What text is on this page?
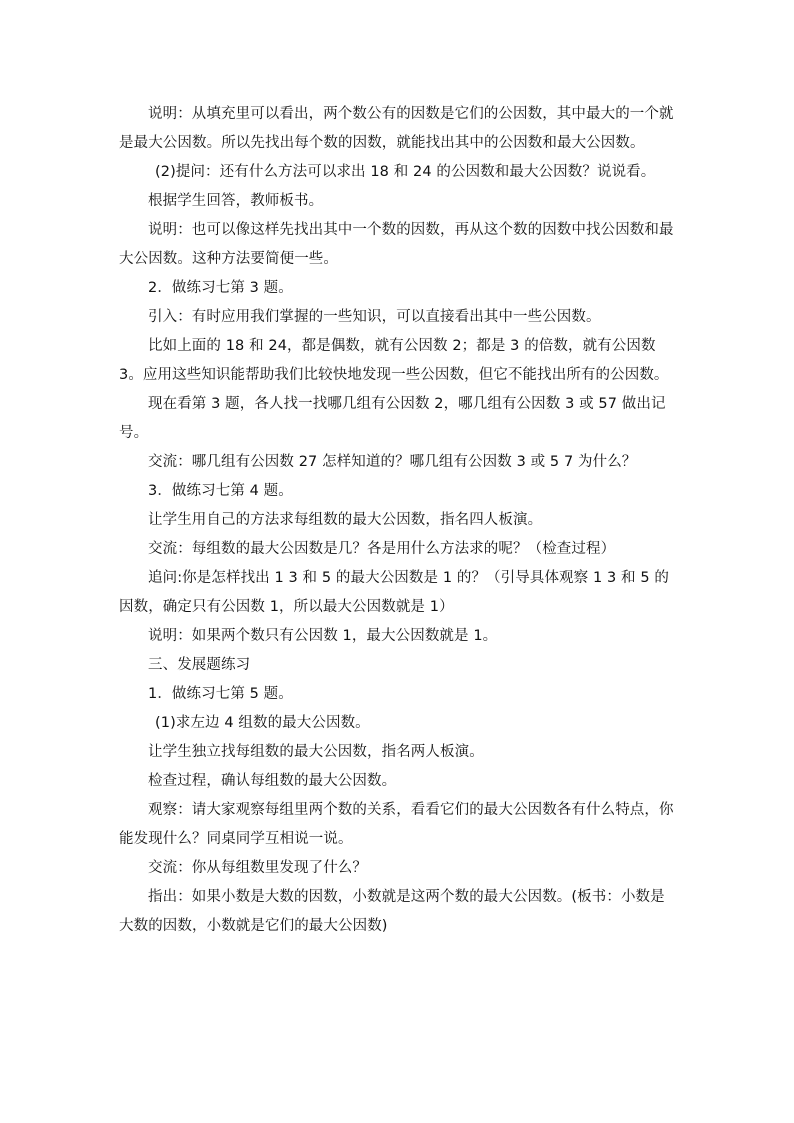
说明：从填充里可以看出，两个数公有的因数是它们的公因数，其中最大的一个就是最大公因数。所以先找出每个数的因数，就能找出其中的公因数和最大公因数。

(2)提问：还有什么方法可以求出 18 和 24 的公因数和最大公因数？说说看。

根据学生回答，教师板书。

说明：也可以像这样先找出其中一个数的因数，再从这个数的因数中找公因数和最大公因数。这种方法要简便一些。

2．做练习七第 3 题。

引入：有时应用我们掌握的一些知识，可以直接看出其中一些公因数。

比如上面的 18 和 24，都是偶数，就有公因数 2；都是 3 的倍数，就有公因数 3。应用这些知识能帮助我们比较快地发现一些公因数，但它不能找出所有的公因数。

现在看第 3 题，各人找一找哪几组有公因数 2，哪几组有公因数 3 或 57 做出记号。

交流：哪几组有公因数 27 怎样知道的？哪几组有公因数 3 或 5 7 为什么？

3．做练习七第 4 题。

让学生用自己的方法求每组数的最大公因数，指名四人板演。

交流：每组数的最大公因数是几？各是用什么方法求的呢？（检查过程）

追问:你是怎样找出 1 3 和 5 的最大公因数是 1 的？（引导具体观察 1 3 和 5 的因数，确定只有公因数 1，所以最大公因数就是 1）

说明：如果两个数只有公因数 1，最大公因数就是 1。

三、发展题练习

1．做练习七第 5 题。

(1)求左边 4 组数的最大公因数。

让学生独立找每组数的最大公因数，指名两人板演。

检查过程，确认每组数的最大公因数。

观察：请大家观察每组里两个数的关系，看看它们的最大公因数各有什么特点，你能发现什么？同桌同学互相说一说。

交流：你从每组数里发现了什么？

指出：如果小数是大数的因数，小数就是这两个数的最大公因数。(板书：小数是大数的因数，小数就是它们的最大公因数)
